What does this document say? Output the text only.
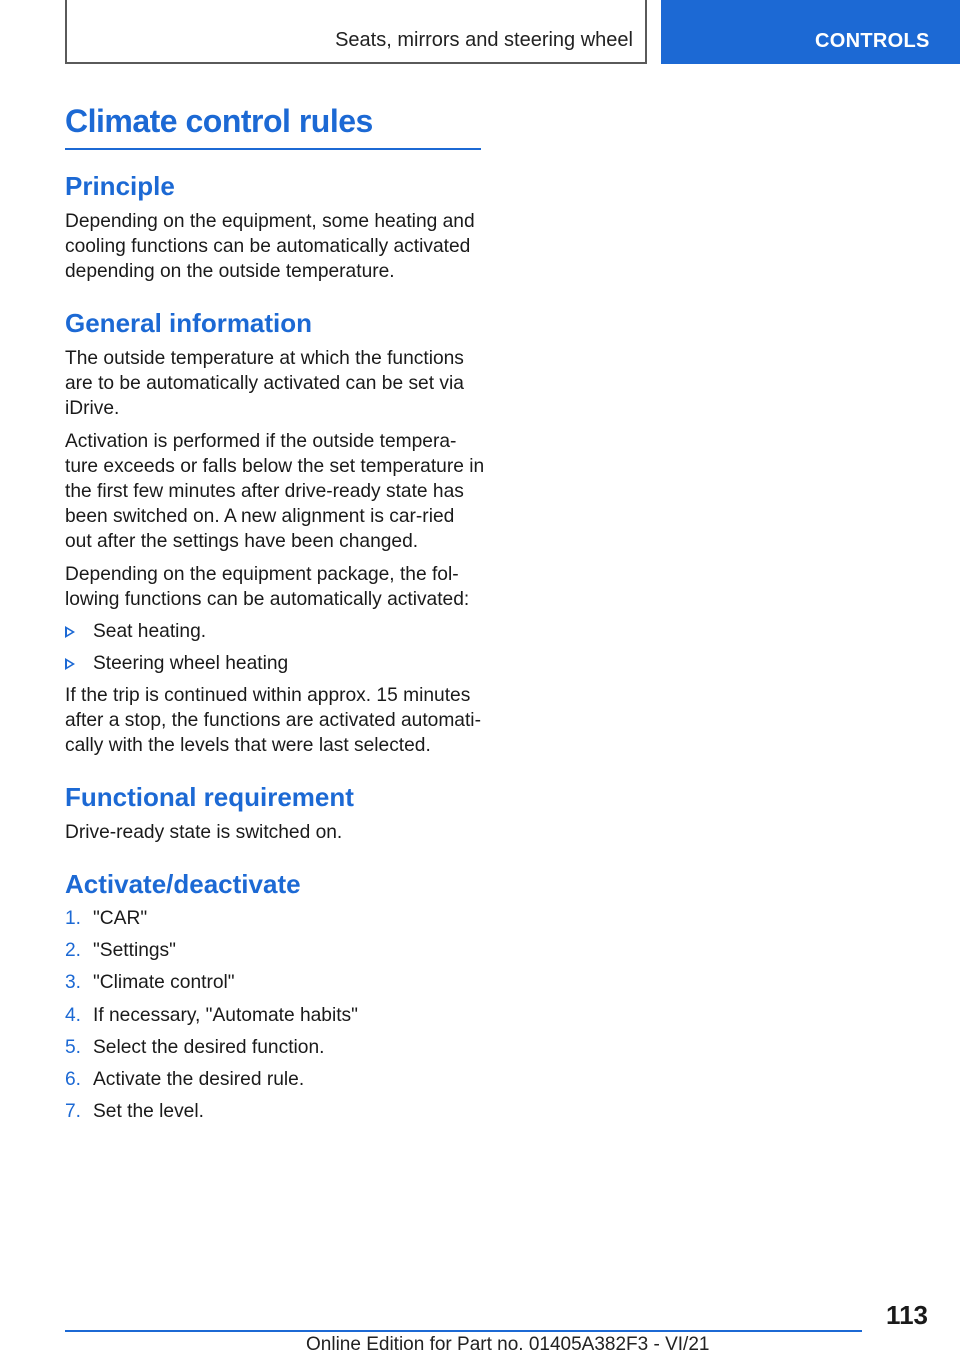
Seats, mirrors and steering wheel	CONTROLS
Climate control rules
Principle

Depending on the equipment, some heating and cooling functions can be automatically activated depending on the outside temperature.

General information

The outside temperature at which the functions are to be automatically activated can be set via iDrive.

Activation is performed if the outside tempera‐ture exceeds or falls below the set temperature in the first few minutes after drive-ready state has been switched on. A new alignment is car‐ried out after the settings have been changed.

Depending on the equipment package, the fol‐lowing functions can be automatically activated:

Seat heating.
Steering wheel heating

If the trip is continued within approx. 15 minutes after a stop, the functions are activated automati‐cally with the levels that were last selected.

Functional requirement

Drive-ready state is switched on.

Activate/deactivate
1. "CAR"
2. "Settings"
3. "Climate control"
4. If necessary, "Automate habits"
5. Select the desired function.
6. Activate the desired rule.
7. Set the level.
113
Online Edition for Part no. 01405A382F3 - VI/21
